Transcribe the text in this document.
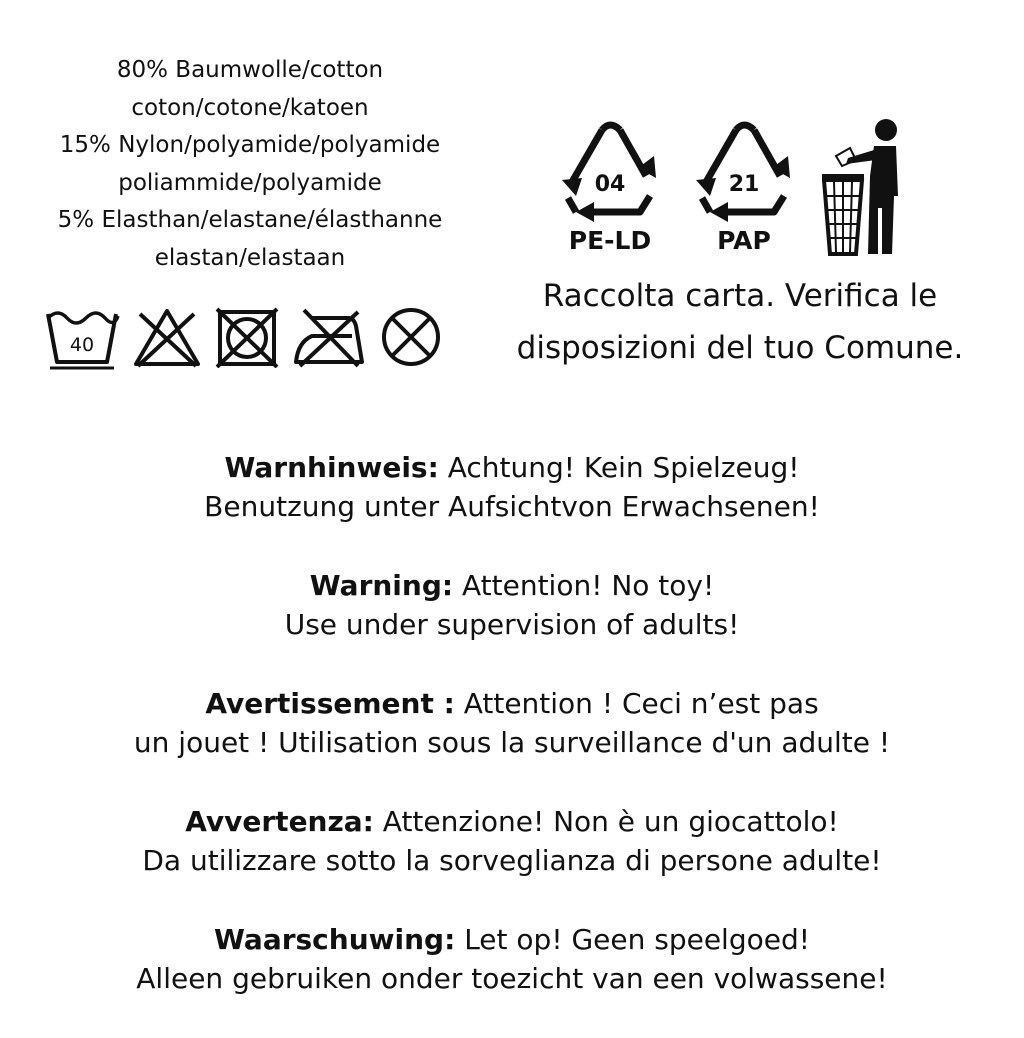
80% Baumwolle/cotton
coton/cotone/katoen
15% Nylon/polyamide/polyamide
poliammide/polyamide
5% Elasthan/elastane/élasthanne
elastan/elastaan
40
04
PE-LD
21
PAP
Raccolta carta. Verifica le
disposizioni del tuo Comune.
Warnhinweis: Achtung! Kein Spielzeug!
Benutzung unter Aufsichtvon Erwachsenen!
Warning: Attention! No toy!
Use under supervision of adults!
Avertissement : Attention ! Ceci n’est pas
un jouet ! Utilisation sous la surveillance d'un adulte !
Avvertenza: Attenzione! Non è un giocattolo!
Da utilizzare sotto la sorveglianza di persone adulte!
Waarschuwing: Let op! Geen speelgoed!
Alleen gebruiken onder toezicht van een volwassene!
